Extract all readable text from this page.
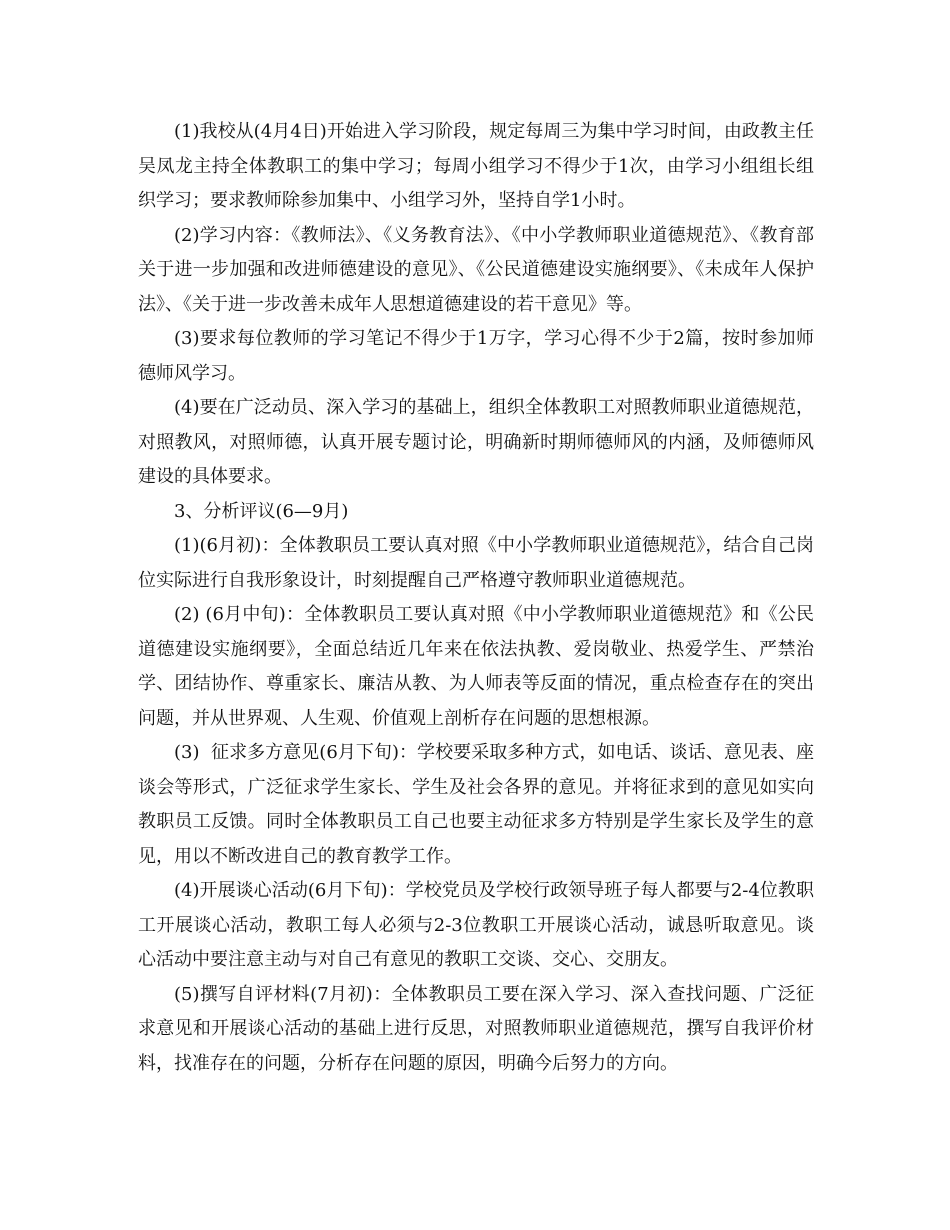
(1)我校从(4月4日)开始进入学习阶段，规定每周三为集中学习时间，由政教主任吴凤龙主持全体教职工的集中学习；每周小组学习不得少于1次，由学习小组组长组织学习；要求教师除参加集中、小组学习外，坚持自学1小时。

(2)学习内容：《教师法》、《义务教育法》、《中小学教师职业道德规范》、《教育部关于进一步加强和改进师德建设的意见》、《公民道德建设实施纲要》、《未成年人保护法》、《关于进一步改善未成年人思想道德建设的若干意见》等。

(3)要求每位教师的学习笔记不得少于1万字，学习心得不少于2篇，按时参加师德师风学习。

(4)要在广泛动员、深入学习的基础上，组织全体教职工对照教师职业道德规范，对照教风，对照师德，认真开展专题讨论，明确新时期师德师风的内涵，及师德师风建设的具体要求。

3、分析评议(6—9月)

(1)(6月初)：全体教职员工要认真对照《中小学教师职业道德规范》，结合自己岗位实际进行自我形象设计，时刻提醒自己严格遵守教师职业道德规范。

(2) (6月中旬)：全体教职员工要认真对照《中小学教师职业道德规范》和《公民道德建设实施纲要》，全面总结近几年来在依法执教、爱岗敬业、热爱学生、严禁治  学、团结协作、尊重家长、廉洁从教、为人师表等反面的情况，重点检查存在的突出问题，并从世界观、人生观、价值观上剖析存在问题的思想根源。

(3)  征求多方意见(6月下旬)：学校要采取多种方式，如电话、谈话、意见表、座谈会等形式，广泛征求学生家长、学生及社会各界的意见。并将征求到的意见如实向  教职员工反馈。同时全体教职员工自己也要主动征求多方特别是学生家长及学生的意见，用以不断改进自己的教育教学工作。

(4)开展谈心活动(6月下旬)：学校党员及学校行政领导班子每人都要与2-4位教职工开展谈心活动，教职工每人必须与2-3位教职工开展谈心活动，诚恳听取意见。谈心活动中要注意主动与对自己有意见的教职工交谈、交心、交朋友。

(5)撰写自评材料(7月初)：全体教职员工要在深入学习、深入查找问题、广泛征求意见和开展谈心活动的基础上进行反思，对照教师职业道德规范，撰写自我评价材料，找准存在的问题，分析存在问题的原因，明确今后努力的方向。
